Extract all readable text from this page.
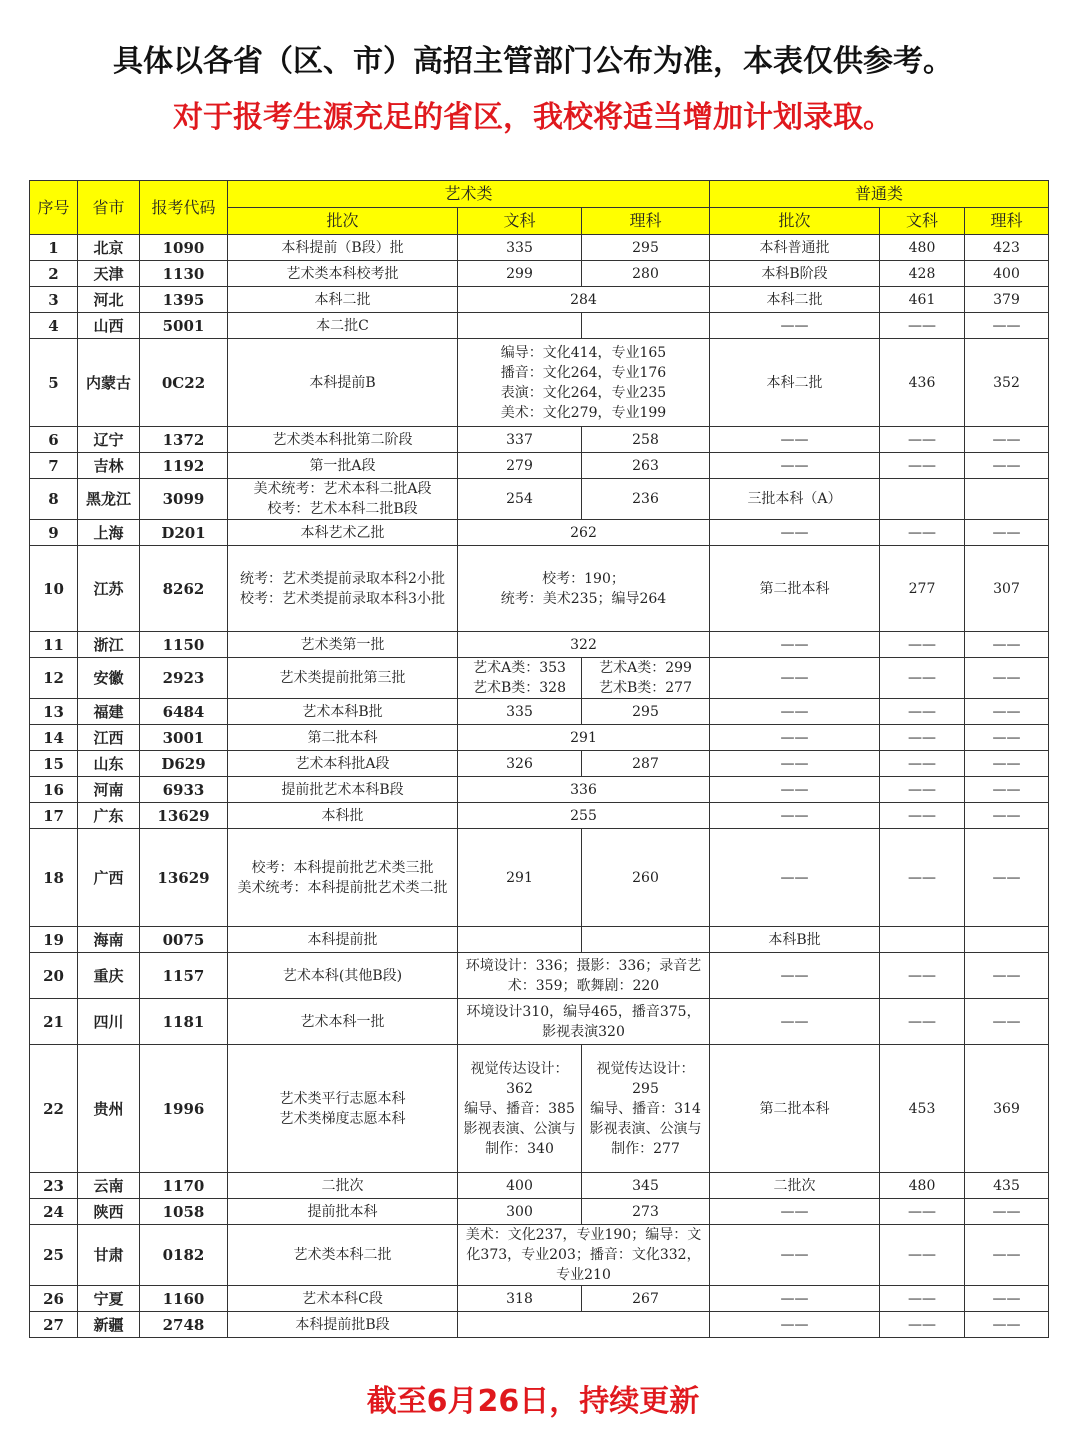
具体以各省（区、市）高招主管部门公布为准，本表仅供参考。
对于报考生源充足的省区，我校将适当增加计划录取。
序号	省市	报考代码	艺术类			普通类		
			批次	文科	理科	批次	文科	理科
1	北京	1090	本科提前（B段）批	335	295	本科普通批	480	423
2	天津	1130	艺术类本科校考批	299	280	本科B阶段	428	400
3	河北	1395	本科二批	284		本科二批	461	379
4	山西	5001	本二批C			——	——	——
5	内蒙古	0C22	本科提前B	编导：文化414，专业165
播音：文化264，专业176
表演：文化264，专业235
美术：文化279，专业199		本科二批	436	352
6	辽宁	1372	艺术类本科批第二阶段	337	258	——	——	——
7	吉林	1192	第一批A段	279	263	——	——	——
8	黑龙江	3099	美术统考：艺术本科二批A段
校考：艺术本科二批B段	254	236	三批本科（A）		
9	上海	D201	本科艺术乙批	262		——	——	——
10	江苏	8262	统考：艺术类提前录取本科2小批
校考：艺术类提前录取本科3小批	校考：190；
统考：美术235；编导264		第二批本科	277	307
11	浙江	1150	艺术类第一批	322		——	——	——
12	安徽	2923	艺术类提前批第三批	艺术A类：353
艺术B类：328	艺术A类：299
艺术B类：277	——	——	——
13	福建	6484	艺术本科B批	335	295	——	——	——
14	江西	3001	第二批本科	291		——	——	——
15	山东	D629	艺术本科批A段	326	287	——	——	——
16	河南	6933	提前批艺术本科B段	336		——	——	——
17	广东	13629	本科批	255		——	——	——
18	广西	13629	校考：本科提前批艺术类三批
美术统考：本科提前批艺术类二批	291	260	——	——	——
19	海南	0075	本科提前批			本科B批		
20	重庆	1157	艺术本科(其他B段)	环境设计：336；摄影：336；录音艺术：359；歌舞剧：220		——	——	——
21	四川	1181	艺术本科一批	环境设计310，编导465，播音375，影视表演320		——	——	——
22	贵州	1996	艺术类平行志愿本科
艺术类梯度志愿本科	视觉传达设计：362
编导、播音：385
影视表演、公演与制作：340	视觉传达设计：295
编导、播音：314
影视表演、公演与制作：277	第二批本科	453	369
23	云南	1170	二批次	400	345	二批次	480	435
24	陕西	1058	提前批本科	300	273	——	——	——
25	甘肃	0182	艺术类本科二批	美术：文化237，专业190；编导：文化373，专业203；播音：文化332，专业210		——	——	——
26	宁夏	1160	艺术本科C段	318	267	——	——	——
27	新疆	2748	本科提前批B段			——	——	——
截至6月26日，持续更新
